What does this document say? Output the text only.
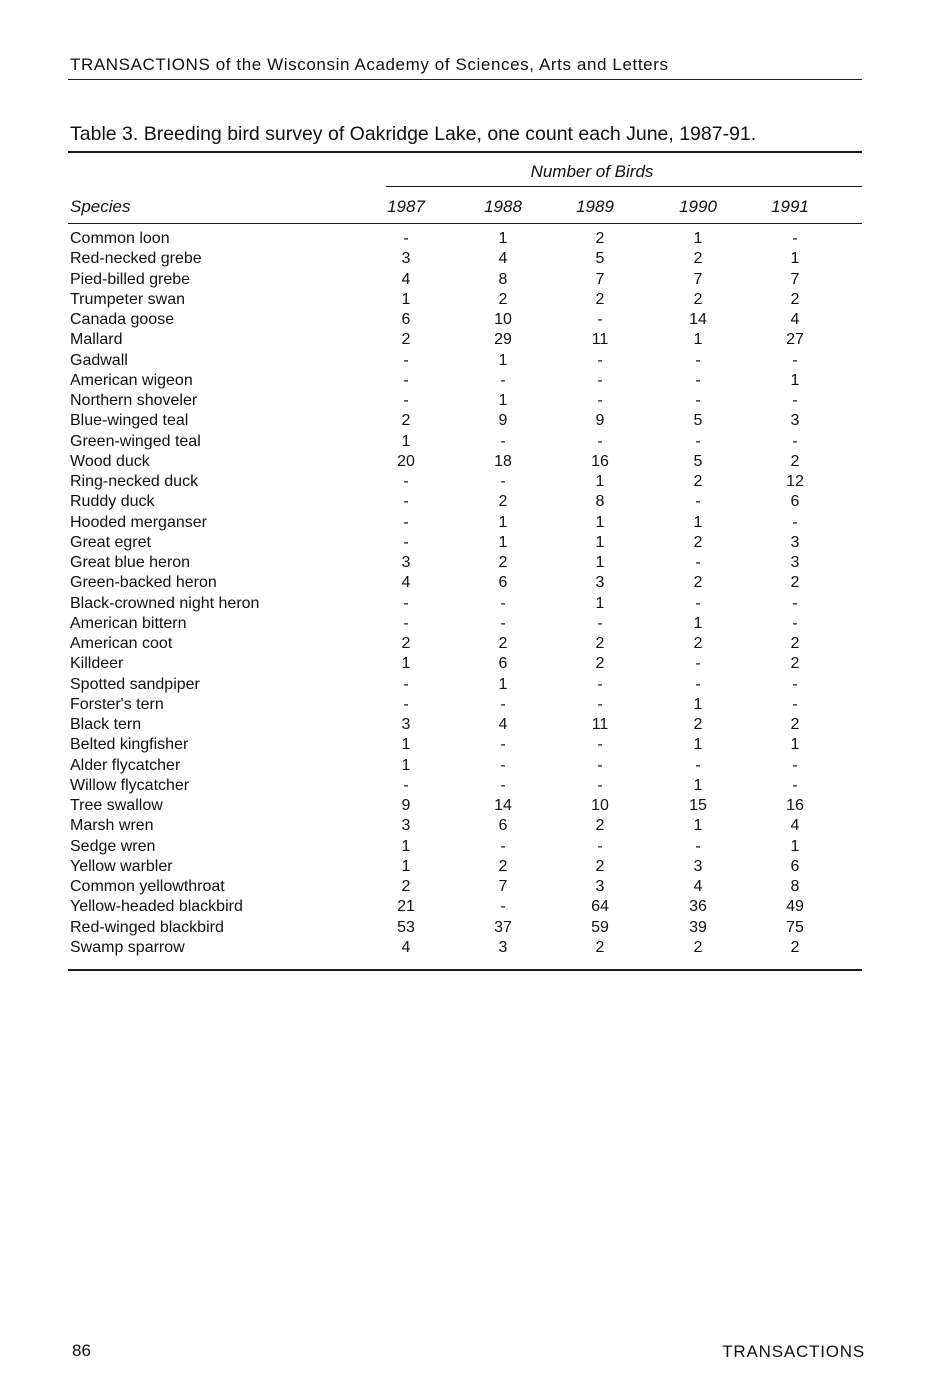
TRANSACTIONS of the Wisconsin Academy of Sciences, Arts and Letters
Table 3. Breeding bird survey of Oakridge Lake, one count each June, 1987-91.
Number of Birds
Species	1987	1988	1989	1990	1991
Common loon	-	1	2	1	-
Red-necked grebe	3	4	5	2	1
Pied-billed grebe	4	8	7	7	7
Trumpeter swan	1	2	2	2	2
Canada goose	6	10	-	14	4
Mallard	2	29	11	1	27
Gadwall	-	1	-	-	-
American wigeon	-	-	-	-	1
Northern shoveler	-	1	-	-	-
Blue-winged teal	2	9	9	5	3
Green-winged teal	1	-	-	-	-
Wood duck	20	18	16	5	2
Ring-necked duck	-	-	1	2	12
Ruddy duck	-	2	8	-	6
Hooded merganser	-	1	1	1	-
Great egret	-	1	1	2	3
Great blue heron	3	2	1	-	3
Green-backed heron	4	6	3	2	2
Black-crowned night heron	-	-	1	-	-
American bittern	-	-	-	1	-
American coot	2	2	2	2	2
Killdeer	1	6	2	-	2
Spotted sandpiper	-	1	-	-	-
Forster's tern	-	-	-	1	-
Black tern	3	4	11	2	2
Belted kingfisher	1	-	-	1	1
Alder flycatcher	1	-	-	-	-
Willow flycatcher	-	-	-	1	-
Tree swallow	9	14	10	15	16
Marsh wren	3	6	2	1	4
Sedge wren	1	-	-	-	1
Yellow warbler	1	2	2	3	6
Common yellowthroat	2	7	3	4	8
Yellow-headed blackbird	21	-	64	36	49
Red-winged blackbird	53	37	59	39	75
Swamp sparrow	4	3	2	2	2
86	TRANSACTIONS
